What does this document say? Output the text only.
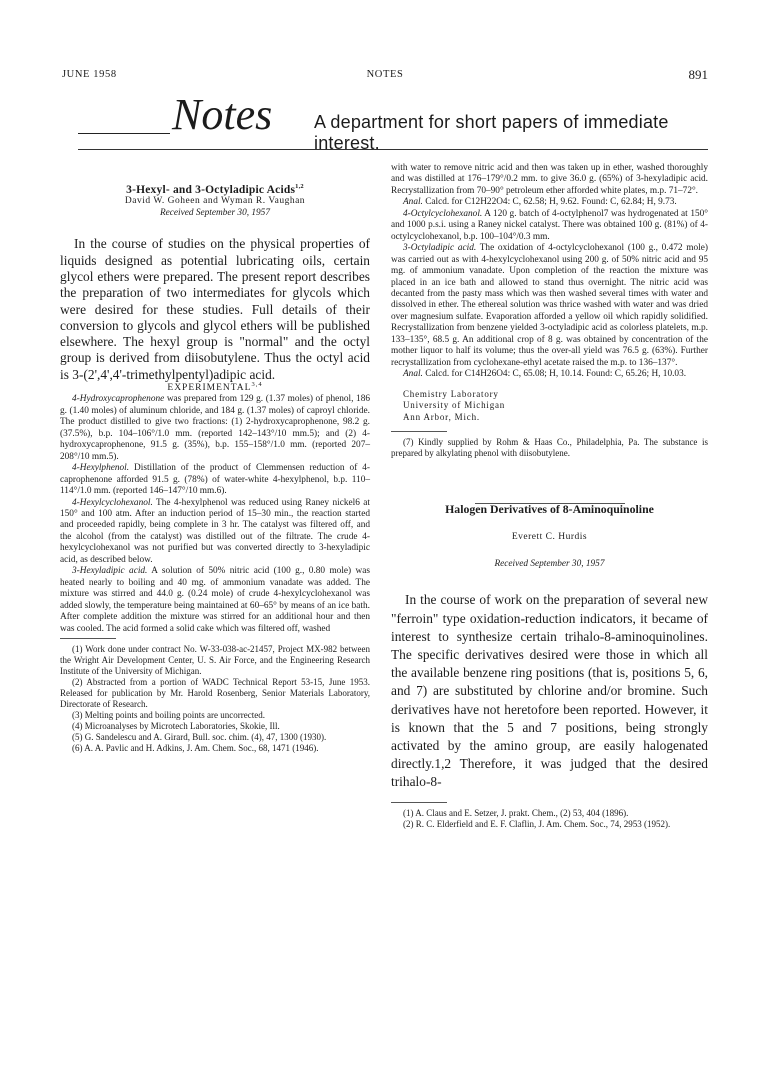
JUNE 1958	NOTES	891
Notes A department for short papers of immediate interest.

3-Hexyl- and 3-Octyladipic Acids$^{1,2}$

David W. Goheen and Wyman R. Vaughan

Received September 30, 1957

In the course of studies on the physical properties of liquids designed as potential lubricating oils, certain glycol ethers were prepared. The present report describes the preparation of two intermediates for glycols which were desired for these studies. Full details of their conversion to glycols and glycol ethers will be published elsewhere. The hexyl group is "normal" and the octyl group is derived from diisobutylene. Thus the octyl acid is 3-(2',4',4'-trimethylpentyl)adipic acid.

EXPERIMENTAL$^{3,4}$

4-Hydroxycaprophenone was prepared from 129 g. (1.37 moles) of phenol, 186 g. (1.40 moles) of aluminum chloride, and 184 g. (1.37 moles) of caproyl chloride. The product distilled to give two fractions: (1) 2-hydroxycaprophenone, 98.2 g. (37.5%), b.p. 104–106°/1.0 mm. (reported 142–143°/10 mm.5); and (2) 4-hydroxycaprophenone, 91.5 g. (35%), b.p. 155–158°/1.0 mm. (reported 207–208°/10 mm.5).

4-Hexylphenol. Distillation of the product of Clemmensen reduction of 4-caprophenone afforded 91.5 g. (78%) of water-white 4-hexylphenol, b.p. 110–114°/1.0 mm. (reported 146–147°/10 mm.6).

4-Hexylcyclohexanol. The 4-hexylphenol was reduced using Raney nickel6 at 150° and 100 atm. After an induction period of 15–30 min., the reaction started and proceeded rapidly, being complete in 3 hr. The catalyst was filtered off, and the alcohol (from the catalyst) was distilled out of the filtrate. The crude 4-hexylcyclohexanol was not purified but was converted directly to 3-hexyladipic acid, as described below.

3-Hexyladipic acid. A solution of 50% nitric acid (100 g., 0.80 mole) was heated nearly to boiling and 40 mg. of ammonium vanadate was added. The mixture was stirred and 44.0 g. (0.24 mole) of crude 4-hexylcyclohexanol was added slowly, the temperature being maintained at 60–65° by means of an ice bath. After complete addition the mixture was stirred for an additional hour and then was cooled. The acid formed a solid cake which was filtered off, washed

(1) Work done under contract No. W-33-038-ac-21457, Project MX-982 between the Wright Air Development Center, U. S. Air Force, and the Engineering Research Institute of the University of Michigan.

(2) Abstracted from a portion of WADC Technical Report 53-15, June 1953. Released for publication by Mr. Harold Rosenberg, Senior Materials Laboratory, Directorate of Research.

(3) Melting points and boiling points are uncorrected.

(4) Microanalyses by Microtech Laboratories, Skokie, Ill.

(5) G. Sandelescu and A. Girard, Bull. soc. chim. (4), 47, 1300 (1930).

(6) A. A. Pavlic and H. Adkins, J. Am. Chem. Soc., 68, 1471 (1946).

with water to remove nitric acid and then was taken up in ether, washed thoroughly and was distilled at 176–179°/0.2 mm. to give 36.0 g. (65%) of 3-hexyladipic acid. Recrystallization from 70–90° petroleum ether afforded white plates, m.p. 71–72°.

Anal. Calcd. for C12H22O4: C, 62.58; H, 9.62. Found: C, 62.84; H, 9.73.

4-Octylcyclohexanol. A 120 g. batch of 4-octylphenol7 was hydrogenated at 150° and 1000 p.s.i. using a Raney nickel catalyst. There was obtained 100 g. (81%) of 4-octylcyclohexanol, b.p. 100–104°/0.3 mm.

3-Octyladipic acid. The oxidation of 4-octylcyclohexanol (100 g., 0.472 mole) was carried out as with 4-hexylcyclohexanol using 200 g. of 50% nitric acid and 95 mg. of ammonium vanadate. Upon completion of the reaction the mixture was placed in an ice bath and allowed to stand thus overnight. The nitric acid was decanted from the pasty mass which was then washed several times with water and dissolved in ether. The ethereal solution was thrice washed with water and was dried over magnesium sulfate. Evaporation afforded a yellow oil which rapidly solidified. Recrystallization from benzene yielded 3-octyladipic acid as colorless platelets, m.p. 133–135°, 68.5 g. An additional crop of 8 g. was obtained by concentration of the mother liquor to half its volume; thus the over-all yield was 76.5 g. (63%). Further recrystallization from cyclohexane-ethyl acetate raised the m.p. to 136–137°.

Anal. Calcd. for C14H26O4: C, 65.08; H, 10.14. Found: C, 65.26; H, 10.03.

Chemistry Laboratory

University of Michigan

Ann Arbor, Mich.

(7) Kindly supplied by Rohm & Haas Co., Philadelphia, Pa. The substance is prepared by alkylating phenol with diisobutylene.

Halogen Derivatives of 8-Aminoquinoline

Everett C. Hurdis

Received September 30, 1957

In the course of work on the preparation of several new "ferroin" type oxidation-reduction indicators, it became of interest to synthesize certain trihalo-8-aminoquinolines. The specific derivatives desired were those in which all the available benzene ring positions (that is, positions 5, 6, and 7) are substituted by chlorine and/or bromine. Such derivatives have not heretofore been reported. However, it is known that the 5 and 7 positions, being strongly activated by the amino group, are easily halogenated directly.1,2 Therefore, it was judged that the desired trihalo-8-

(1) A. Claus and E. Setzer, J. prakt. Chem., (2) 53, 404 (1896).

(2) R. C. Elderfield and E. F. Claflin, J. Am. Chem. Soc., 74, 2953 (1952).
